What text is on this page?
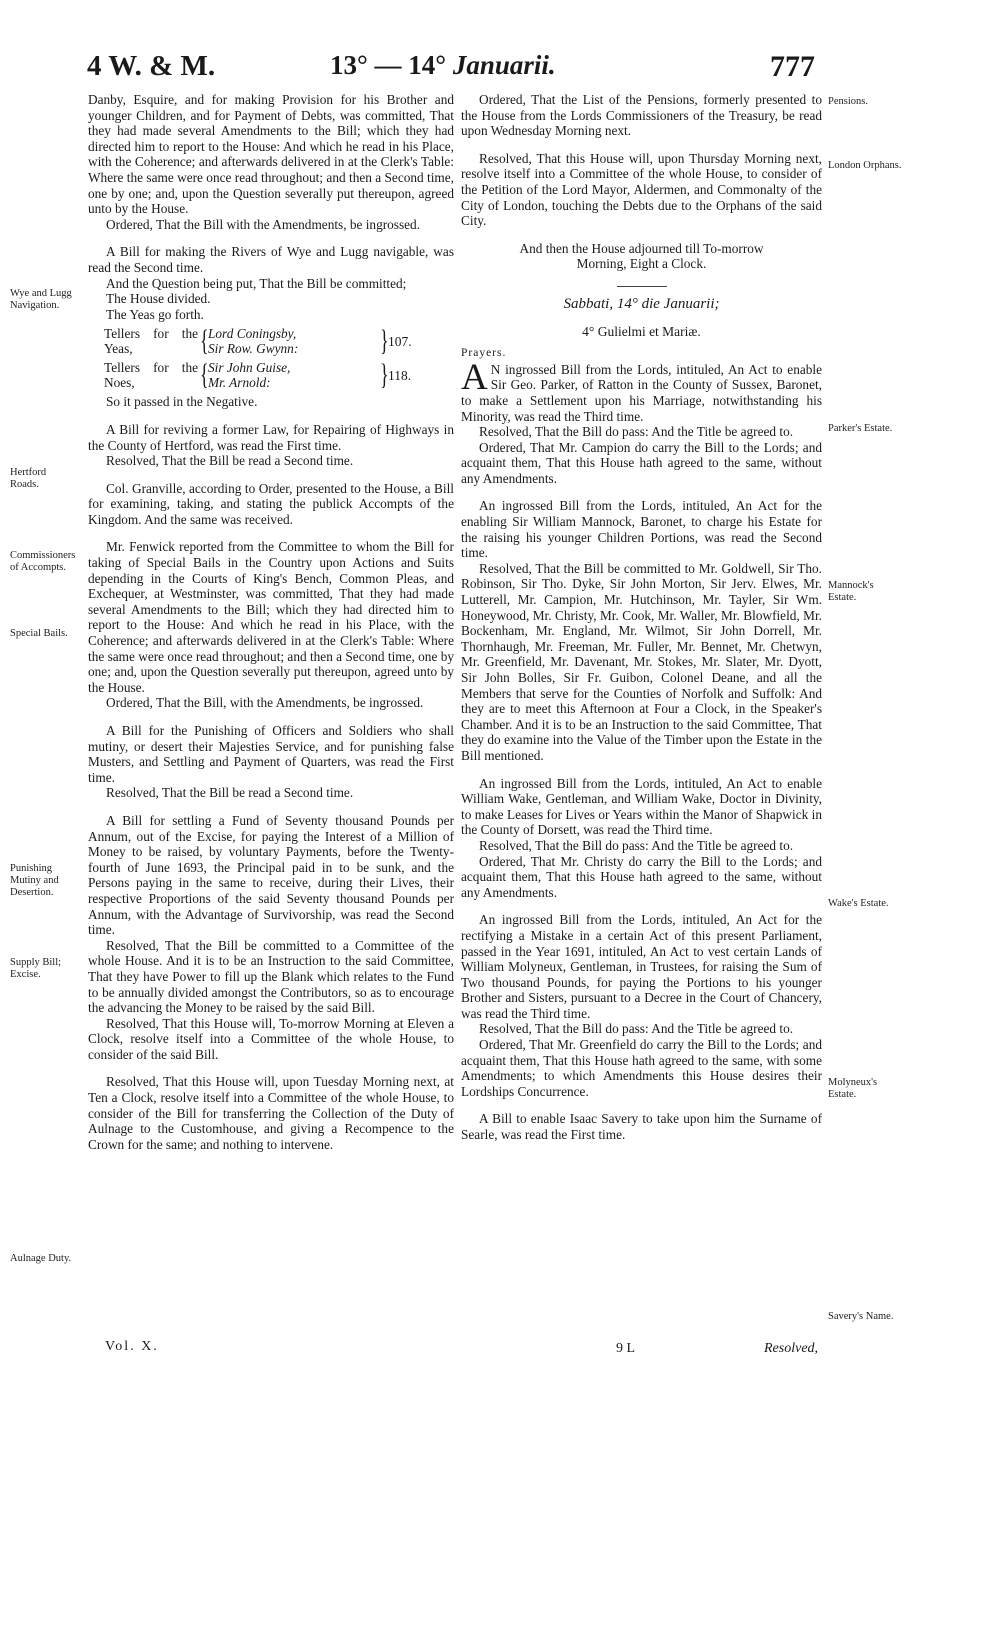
4 W. & M.	13° — 14° Januarii.	777
Wye and Lugg Navigation.
Hertford Roads.
Commissioners of Accompts.
Special Bails.
Punishing Mutiny and Desertion.
Supply Bill; Excise.
Aulnage Duty.
Pensions.
London Orphans.
Parker's Estate.
Mannock's Estate.
Wake's Estate.
Molyneux's Estate.
Savery's Name.

Danby, Esquire, and for making Provision for his Brother and younger Children, and for Payment of Debts, was committed, That they had made several Amendments to the Bill; which they had directed him to report to the House: And which he read in his Place, with the Coherence; and afterwards delivered in at the Clerk's Table: Where the same were once read throughout; and then a Second time, one by one; and, upon the Question severally put thereupon, agreed unto by the House.

Ordered, That the Bill with the Amendments, be ingrossed.

A Bill for making the Rivers of Wye and Lugg navigable, was read the Second time.

And the Question being put, That the Bill be committed;

The House divided.

The Yeas go forth.

Tellers for the Yeas,	{ Lord Coningsby,
Sir Row. Gwynn:	} 107.
Tellers for the Noes,	{ Sir John Guise,
Mr. Arnold:	} 118.

So it passed in the Negative.

A Bill for reviving a former Law, for Repairing of Highways in the County of Hertford, was read the First time.

Resolved, That the Bill be read a Second time.

Col. Granville, according to Order, presented to the House, a Bill for examining, taking, and stating the publick Accompts of the Kingdom. And the same was received.

Mr. Fenwick reported from the Committee to whom the Bill for taking of Special Bails in the Country upon Actions and Suits depending in the Courts of King's Bench, Common Pleas, and Exchequer, at Westminster, was committed, That they had made several Amendments to the Bill; which they had directed him to report to the House: And which he read in his Place, with the Coherence; and afterwards delivered in at the Clerk's Table: Where the same were once read throughout; and then a Second time, one by one; and, upon the Question severally put thereupon, agreed unto by the House.

Ordered, That the Bill, with the Amendments, be ingrossed.

A Bill for the Punishing of Officers and Soldiers who shall mutiny, or desert their Majesties Service, and for punishing false Musters, and Settling and Payment of Quarters, was read the First time.

Resolved, That the Bill be read a Second time.

A Bill for settling a Fund of Seventy thousand Pounds per Annum, out of the Excise, for paying the Interest of a Million of Money to be raised, by voluntary Payments, before the Twenty-fourth of June 1693, the Principal paid in to be sunk, and the Persons paying in the same to receive, during their Lives, their respective Proportions of the said Seventy thousand Pounds per Annum, with the Advantage of Survivorship, was read the Second time.

Resolved, That the Bill be committed to a Committee of the whole House. And it is to be an Instruction to the said Committee, That they have Power to fill up the Blank which relates to the Fund to be annually divided amongst the Contributors, so as to encourage the advancing the Money to be raised by the said Bill.

Resolved, That this House will, To-morrow Morning at Eleven a Clock, resolve itself into a Committee of the whole House, to consider of the said Bill.

Resolved, That this House will, upon Tuesday Morning next, at Ten a Clock, resolve itself into a Committee of the whole House, to consider of the Bill for transferring the Collection of the Duty of Aulnage to the Customhouse, and giving a Recompence to the Crown for the same; and nothing to intervene.

Ordered, That the List of the Pensions, formerly presented to the House from the Lords Commissioners of the Treasury, be read upon Wednesday Morning next.

Resolved, That this House will, upon Thursday Morning next, resolve itself into a Committee of the whole House, to consider of the Petition of the Lord Mayor, Aldermen, and Commonalty of the City of London, touching the Debts due to the Orphans of the said City.

And then the House adjourned till To-morrow

Morning, Eight a Clock.

Sabbati, 14° die Januarii;

4° Gulielmi et Mariæ.

Prayers.

A N ingrossed Bill from the Lords, intituled, An Act to enable Sir Geo. Parker, of Ratton in the County of Sussex, Baronet, to make a Settlement upon his Marriage, notwithstanding his Minority, was read the Third time.

Resolved, That the Bill do pass: And the Title be agreed to.

Ordered, That Mr. Campion do carry the Bill to the Lords; and acquaint them, That this House hath agreed to the same, without any Amendments.

An ingrossed Bill from the Lords, intituled, An Act for the enabling Sir William Mannock, Baronet, to charge his Estate for the raising his younger Children Portions, was read the Second time.

Resolved, That the Bill be committed to Mr. Goldwell, Sir Tho. Robinson, Sir Tho. Dyke, Sir John Morton, Sir Jerv. Elwes, Mr. Lutterell, Mr. Campion, Mr. Hutchinson, Mr. Tayler, Sir Wm. Honeywood, Mr. Christy, Mr. Cook, Mr. Waller, Mr. Blowfield, Mr. Bockenham, Mr. England, Mr. Wilmot, Sir John Dorrell, Mr. Thornhaugh, Mr. Freeman, Mr. Fuller, Mr. Bennet, Mr. Chetwyn, Mr. Greenfield, Mr. Davenant, Mr. Stokes, Mr. Slater, Mr. Dyott, Sir John Bolles, Sir Fr. Guibon, Colonel Deane, and all the Members that serve for the Counties of Norfolk and Suffolk: And they are to meet this Afternoon at Four a Clock, in the Speaker's Chamber. And it is to be an Instruction to the said Committee, That they do examine into the Value of the Timber upon the Estate in the Bill mentioned.

An ingrossed Bill from the Lords, intituled, An Act to enable William Wake, Gentleman, and William Wake, Doctor in Divinity, to make Leases for Lives or Years within the Manor of Shapwick in the County of Dorsett, was read the Third time.

Resolved, That the Bill do pass: And the Title be agreed to.

Ordered, That Mr. Christy do carry the Bill to the Lords; and acquaint them, That this House hath agreed to the same, without any Amendments.

An ingrossed Bill from the Lords, intituled, An Act for the rectifying a Mistake in a certain Act of this present Parliament, passed in the Year 1691, intituled, An Act to vest certain Lands of William Molyneux, Gentleman, in Trustees, for raising the Sum of Two thousand Pounds, for paying the Portions to his younger Brother and Sisters, pursuant to a Decree in the Court of Chancery, was read the Third time.

Resolved, That the Bill do pass: And the Title be agreed to.

Ordered, That Mr. Greenfield do carry the Bill to the Lords; and acquaint them, That this House hath agreed to the same, with some Amendments; to which Amendments this House desires their Lordships Concurrence.

A Bill to enable Isaac Savery to take upon him the Surname of Searle, was read the First time.

Vol. X.	9 L	Resolved,
